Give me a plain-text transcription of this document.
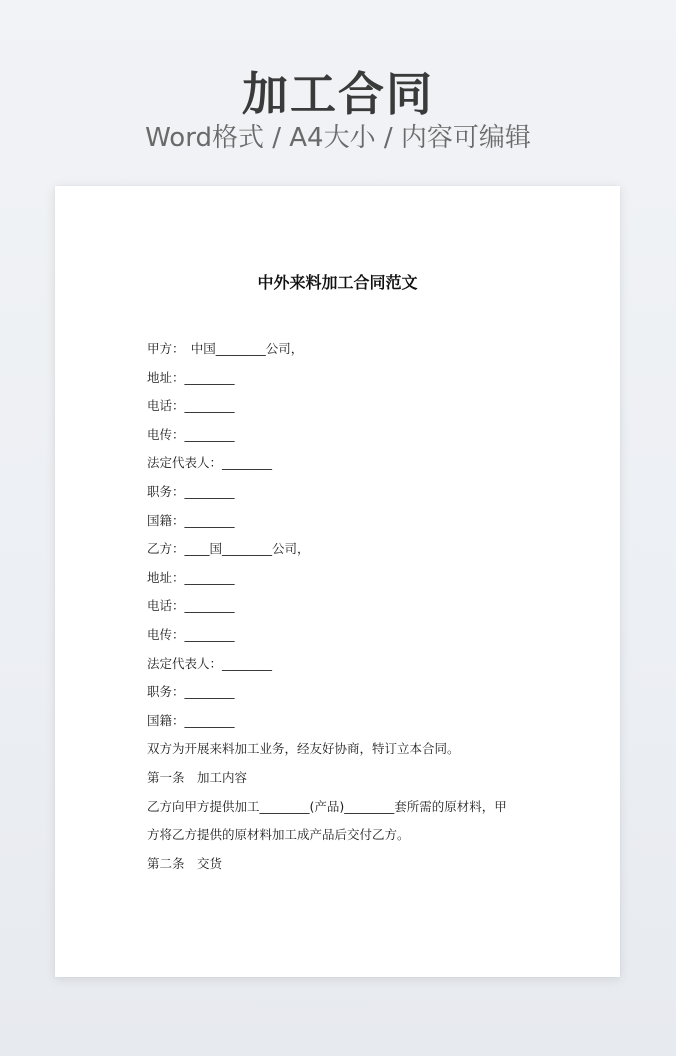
加工合同
Word格式 / A4大小 / 内容可编辑
中外来料加工合同范文
甲方：　中国________公司，
地址：________
电话：________
电传：________
法定代表人：________
职务：________
国籍：________
乙方：____国________公司，
地址：________
电话：________
电传：________
法定代表人：________
职务：________
国籍：________
双方为开展来料加工业务，经友好协商，特订立本合同。
第一条　加工内容
乙方向甲方提供加工________(产品)________套所需的原材料，甲
方将乙方提供的原材料加工成产品后交付乙方。
第二条　交货
